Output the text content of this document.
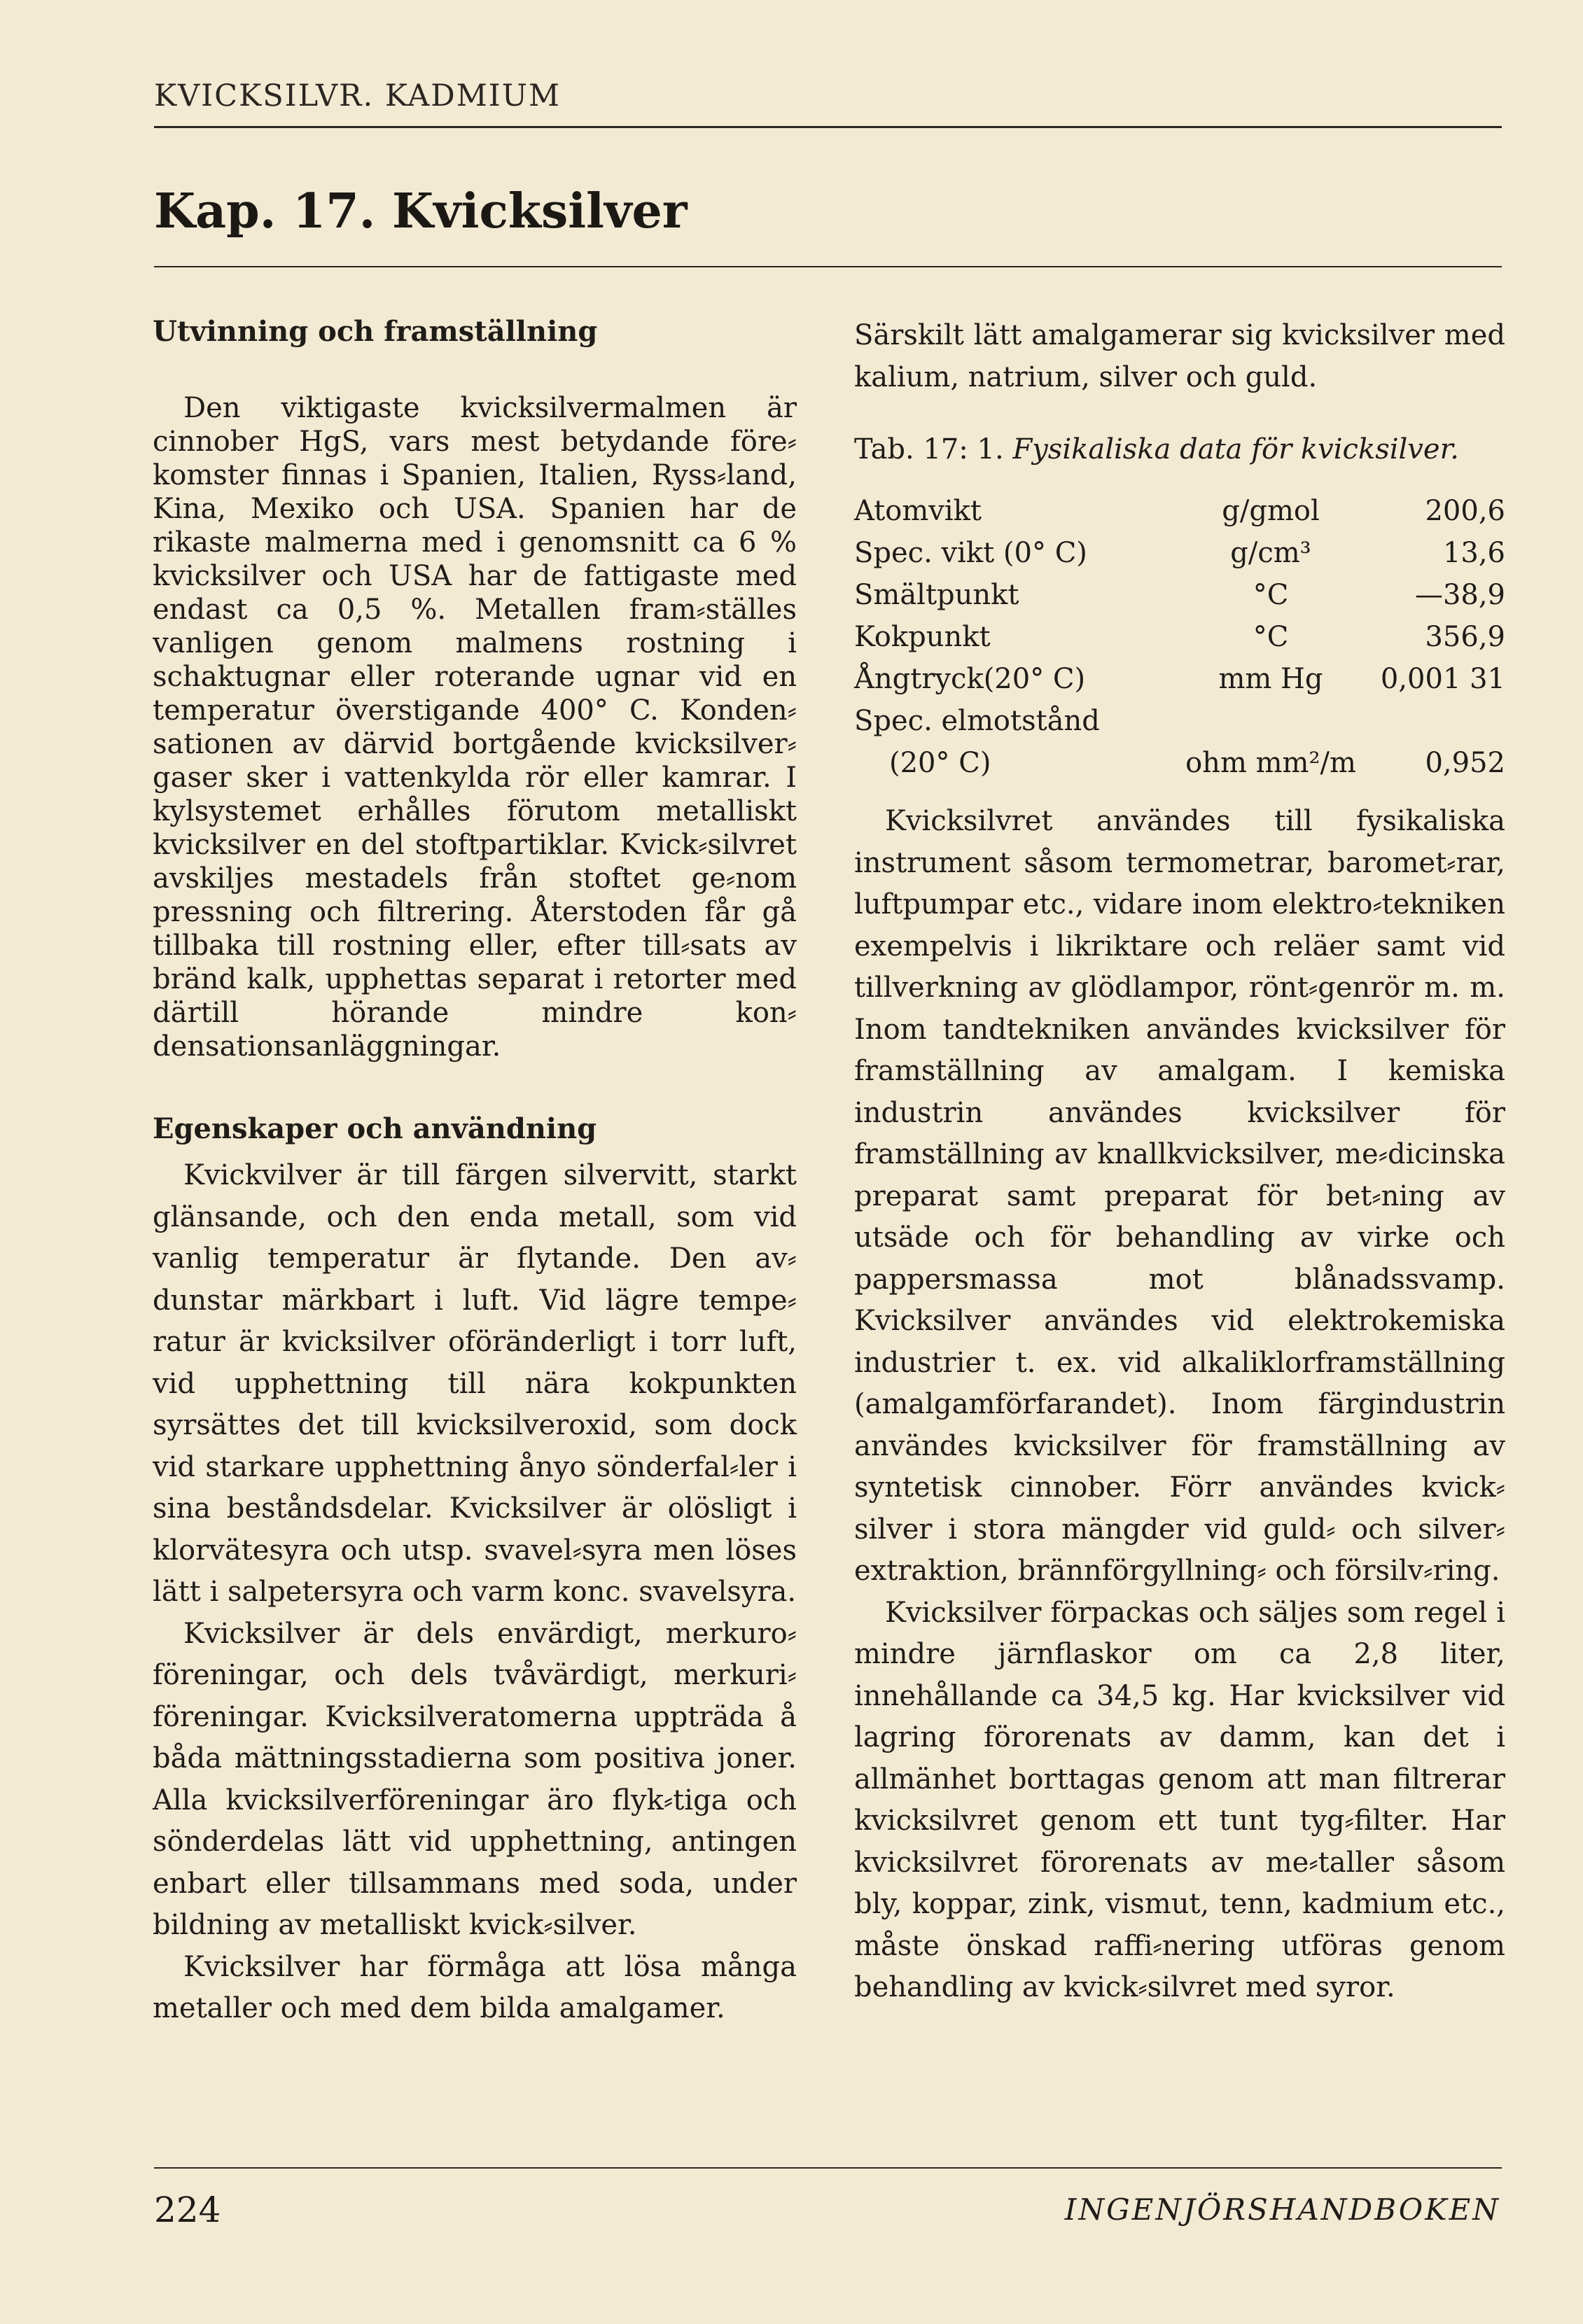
KVICKSILVR. KADMIUM
Kap. 17. Kvicksilver
Utvinning och framställning

Den viktigaste kvicksilvermalmen är cinnober HgS, vars mest betydande före⸗komster finnas i Spanien, Italien, Ryss⸗land, Kina, Mexiko och USA. Spanien har de rikaste malmerna med i genomsnitt ca 6 % kvicksilver och USA har de fattigaste med endast ca 0,5 %. Metallen fram⸗ställes vanligen genom malmens rostning i schaktugnar eller roterande ugnar vid en temperatur överstigande 400° C. Konden⸗sationen av därvid bortgående kvicksilver⸗gaser sker i vattenkylda rör eller kamrar. I kylsystemet erhålles förutom metalliskt kvicksilver en del stoftpartiklar. Kvick⸗silvret avskiljes mestadels från stoftet ge⸗nom pressning och filtrering. Återstoden får gå tillbaka till rostning eller, efter till⸗sats av bränd kalk, upphettas separat i retorter med därtill hörande mindre kon⸗densationsanläggningar.

Egenskaper och användning

Kvickvilver är till färgen silvervitt, starkt glänsande, och den enda metall, som vid vanlig temperatur är flytande. Den av⸗dunstar märkbart i luft. Vid lägre tempe⸗ratur är kvicksilver oföränderligt i torr luft, vid upphettning till nära kokpunkten syrsättes det till kvicksilveroxid, som dock vid starkare upphettning ånyo sönderfal⸗ler i sina beståndsdelar. Kvicksilver är olösligt i klorvätesyra och utsp. svavel⸗syra men löses lätt i salpetersyra och varm konc. svavelsyra.

Kvicksilver är dels envärdigt, merkuro⸗föreningar, och dels tvåvärdigt, merkuri⸗föreningar. Kvicksilveratomerna uppträda å båda mättningsstadierna som positiva joner. Alla kvicksilverföreningar äro flyk⸗tiga och sönderdelas lätt vid upphettning, antingen enbart eller tillsammans med soda, under bildning av metalliskt kvick⸗silver.

Kvicksilver har förmåga att lösa många metaller och med dem bilda amalgamer.

Särskilt lätt amalgamerar sig kvicksilver med kalium, natrium, silver och guld.

Tab. 17: 1. Fysikaliska data för kvicksilver.

Atomvikt	g/gmol	200,6
Spec. vikt (0° C)	g/cm³	13,6
Smältpunkt	°C	—38,9
Kokpunkt	°C	356,9
Ångtryck(20° C)	mm Hg	0,001 31
Spec. elmotstånd		
(20° C)	ohm mm²/m	0,952

Kvicksilvret användes till fysikaliska instrument såsom termometrar, baromet⸗rar, luftpumpar etc., vidare inom elektro⸗tekniken exempelvis i likriktare och reläer samt vid tillverkning av glödlampor, rönt⸗genrör m. m. Inom tandtekniken användes kvicksilver för framställning av amalgam. I kemiska industrin användes kvicksilver för framställning av knallkvicksilver, me⸗dicinska preparat samt preparat för bet⸗ning av utsäde och för behandling av virke och pappersmassa mot blånadssvamp. Kvicksilver användes vid elektrokemiska industrier t. ex. vid alkaliklorframställning (amalgamförfarandet). Inom färgindustrin användes kvicksilver för framställning av syntetisk cinnober. Förr användes kvick⸗silver i stora mängder vid guld⸗ och silver⸗extraktion, brännförgyllning⸗ och försilv⸗ring.

Kvicksilver förpackas och säljes som regel i mindre järnflaskor om ca 2,8 liter, innehållande ca 34,5 kg. Har kvicksilver vid lagring förorenats av damm, kan det i allmänhet borttagas genom att man filtrerar kvicksilvret genom ett tunt tyg⸗filter. Har kvicksilvret förorenats av me⸗taller såsom bly, koppar, zink, vismut, tenn, kadmium etc., måste önskad raffi⸗nering utföras genom behandling av kvick⸗silvret med syror.

224	INGENJÖRSHANDBOKEN
